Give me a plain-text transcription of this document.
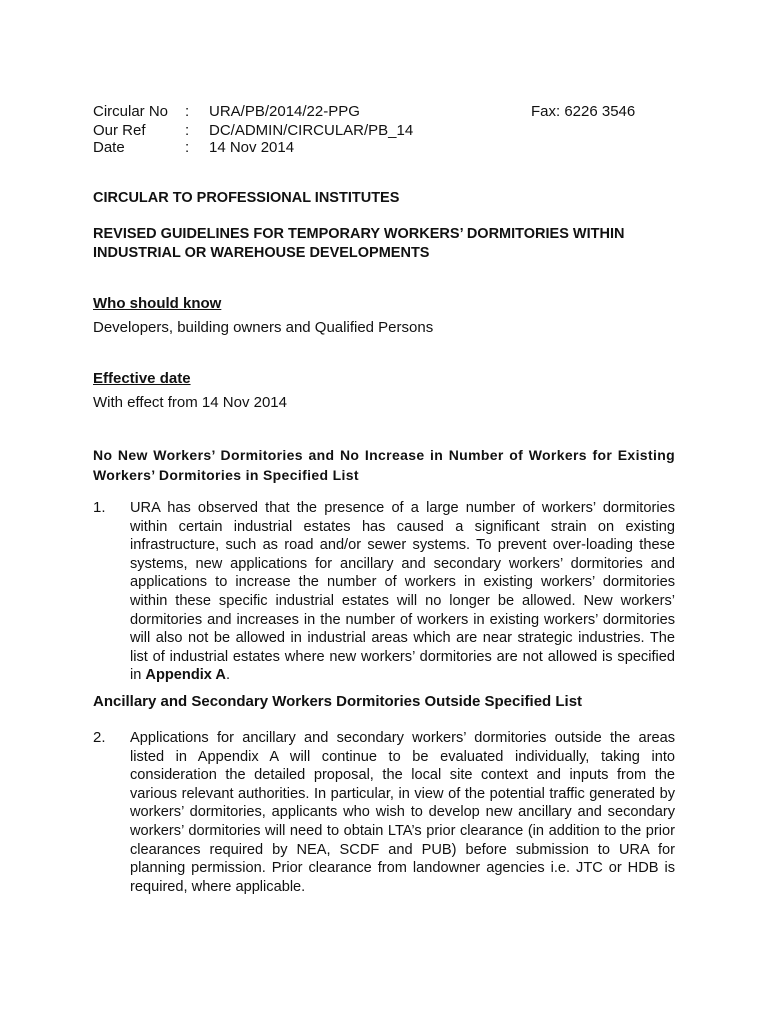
Circular No : URA/PB/2014/22-PPG
Our Ref	: DC/ADMIN/CIRCULAR/PB_14
Date	: 14 Nov 2014
Fax: 6226 3546
CIRCULAR TO PROFESSIONAL INSTITUTES
REVISED GUIDELINES FOR TEMPORARY WORKERS’ DORMITORIES WITHIN INDUSTRIAL OR WAREHOUSE DEVELOPMENTS
Who should know
Developers, building owners and Qualified Persons
Effective date
With effect from 14 Nov 2014
No New Workers’ Dormitories and No Increase in Number of Workers for Existing Workers’ Dormitories in Specified List
1. URA has observed that the presence of a large number of workers’ dormitories within certain industrial estates has caused a significant strain on existing infrastructure, such as road and/or sewer systems. To prevent over-loading these systems, new applications for ancillary and secondary workers’ dormitories and applications to increase the number of workers in existing workers’ dormitories within these specific industrial estates will no longer be allowed. New workers’ dormitories and increases in the number of workers in existing workers’ dormitories will also not be allowed in industrial areas which are near strategic industries. The list of industrial estates where new workers’ dormitories are not allowed is specified in Appendix A.
Ancillary and Secondary Workers Dormitories Outside Specified List
2. Applications for ancillary and secondary workers’ dormitories outside the areas listed in Appendix A will continue to be evaluated individually, taking into consideration the detailed proposal, the local site context and inputs from the various relevant authorities. In particular, in view of the potential traffic generated by workers’ dormitories, applicants who wish to develop new ancillary and secondary workers’ dormitories will need to obtain LTA’s prior clearance (in addition to the prior clearances required by NEA, SCDF and PUB) before submission to URA for planning permission. Prior clearance from landowner agencies i.e. JTC or HDB is required, where applicable.
